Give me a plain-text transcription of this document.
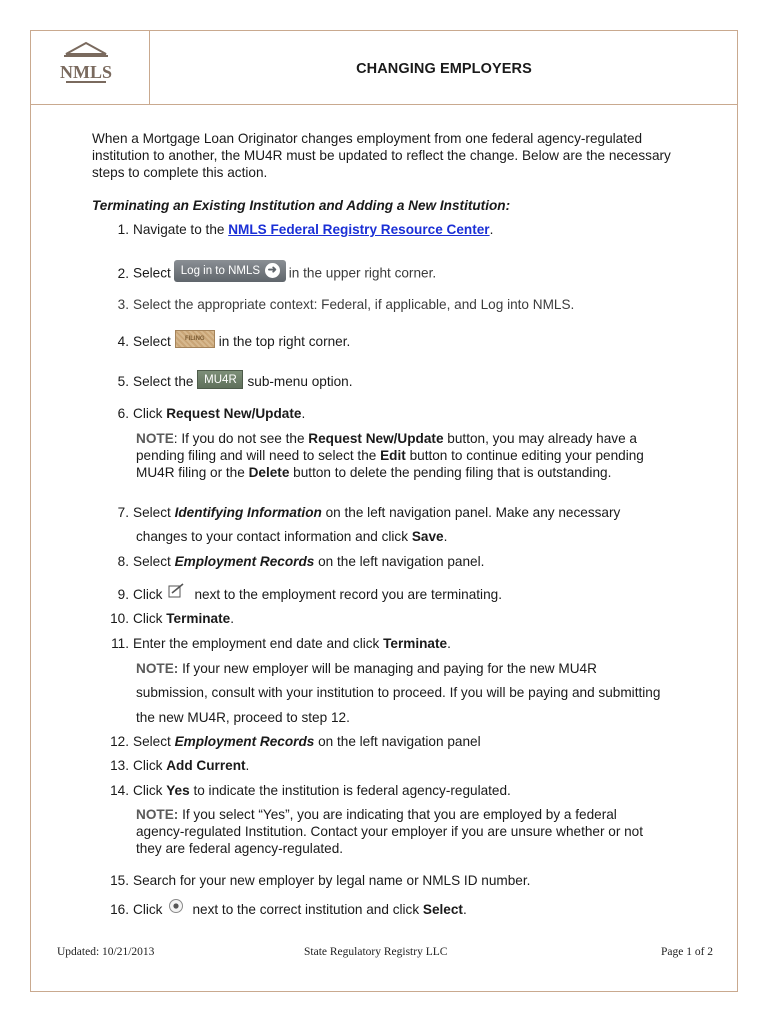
NMLS	CHANGING EMPLOYERS
When a Mortgage Loan Originator changes employment from one federal agency-regulated institution to another, the MU4R must be updated to reflect the change. Below are the necessary steps to complete this action.
Terminating an Existing Institution and Adding a New Institution:
1. Navigate to the NMLS Federal Registry Resource Center.
2. Select Log in to NMLS ➜ in the upper right corner.
3. Select the appropriate context: Federal, if applicable, and Log into NMLS.
4. Select FILING in the top right corner.
5. Select the MU4R sub-menu option.
6. Click Request New/Update.
NOTE: If you do not see the Request New/Update button, you may already have a pending filing and will need to select the Edit button to continue editing your pending MU4R filing or the Delete button to delete the pending filing that is outstanding.
7. Select Identifying Information on the left navigation panel. Make any necessary
changes to your contact information and click Save.
8. Select Employment Records on the left navigation panel.
9. Click next to the employment record you are terminating.
10. Click Terminate.
11. Enter the employment end date and click Terminate.
NOTE: If your new employer will be managing and paying for the new MU4R
submission, consult with your institution to proceed. If you will be paying and submitting
the new MU4R, proceed to step 12.
12. Select Employment Records on the left navigation panel
13. Click Add Current.
14. Click Yes to indicate the institution is federal agency-regulated.
NOTE: If you select “Yes”, you are indicating that you are employed by a federal agency-regulated Institution. Contact your employer if you are unsure whether or not they are federal agency-regulated.
15. Search for your new employer by legal name or NMLS ID number.
16. Click next to the correct institution and click Select.
Updated: 10/21/2013	State Regulatory Registry LLC	Page 1 of 2
